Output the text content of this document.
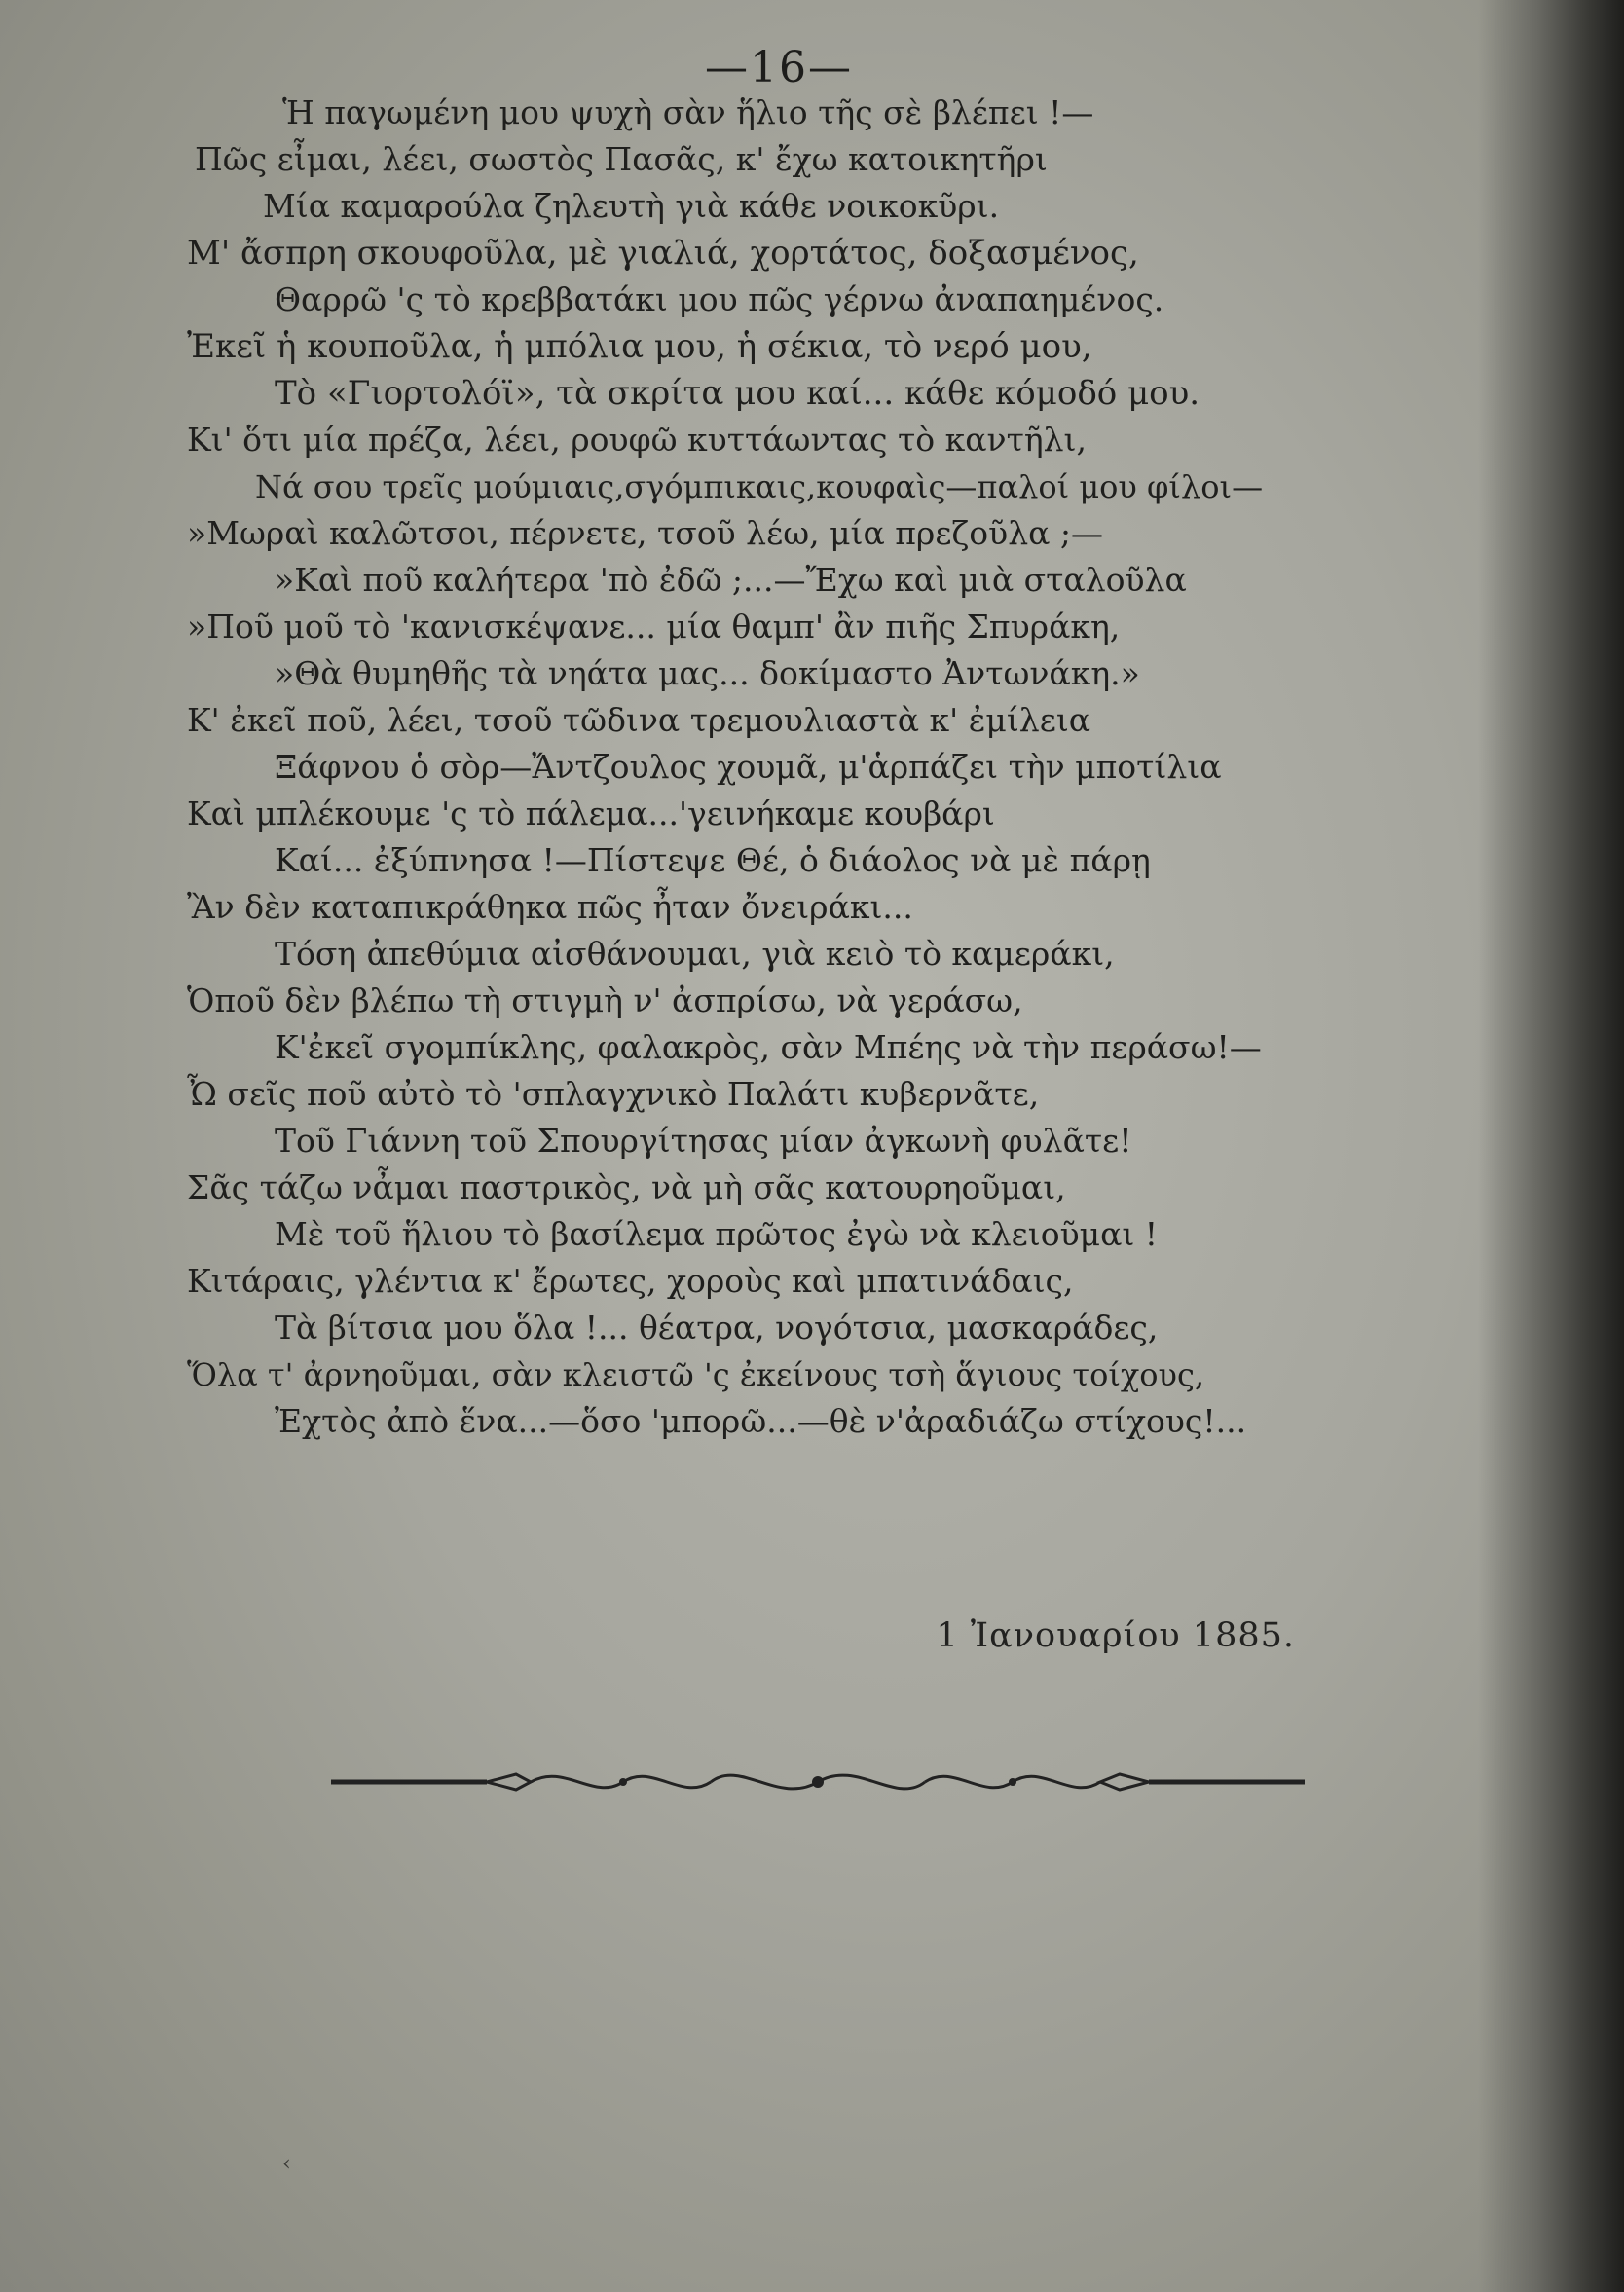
—16—
Ἡ παγωμένη μου ψυχὴ σὰν ἥλιο τῆς σὲ βλέπει !—
Πῶς εἶμαι, λέει, σωστὸς Πασᾶς, κ' ἔχω κατοικητῆρι
Μία καμαρούλα ζηλευτὴ γιὰ κάθε νοικοκῦρι.
Μ' ἄσπρη σκουφοῦλα, μὲ γιαλιά, χορτάτος, δοξασμένος,
Θαρρῶ 'ς τὸ κρεββατάκι μου πῶς γέρνω ἀναπαημένος.
Ἐκεῖ ἡ κουποῦλα, ἡ μπόλια μου, ἡ σέκια, τὸ νερό μου,
Τὸ «Γιορτολόϊ», τὰ σκρίτα μου καί... κάθε κόμοδό μου.
Κι' ὅτι μία πρέζα, λέει, ρουφῶ κυττάωντας τὸ καντῆλι,
Νά σου τρεῖς μούμιαις,σγόμπικαις,κουφαὶς—παλοί μου φίλοι—
»Μωραὶ καλῶτσοι, πέρνετε, τσοῦ λέω, μία πρεζοῦλα ;—
»Καὶ ποῦ καλήτερα 'πὸ ἐδῶ ;...—Ἔχω καὶ μιὰ σταλοῦλα
»Ποῦ μοῦ τὸ 'κανισκέψανε... μία θαμπ' ἂν πιῆς Σπυράκη,
»Θὰ θυμηθῆς τὰ νηάτα μας... δοκίμαστο Ἀντωνάκη.»
Κ' ἐκεῖ ποῦ, λέει, τσοῦ τῶδινα τρεμουλιαστὰ κ' ἐμίλεια
Ξάφνου ὁ σὸρ—Ἄντζουλος χουμᾶ, μ'ἁρπάζει τὴν μποτίλια
Καὶ μπλέκουμε 'ς τὸ πάλεμα...'γεινήκαμε κουβάρι
Καί... ἐξύπνησα !—Πίστεψε Θέ, ὁ διάολος νὰ μὲ πάρῃ
Ἂν δὲν καταπικράθηκα πῶς ἦταν ὄνειράκι...
Τόση ἀπεθύμια αἰσθάνουμαι, γιὰ κειὸ τὸ καμεράκι,
Ὁποῦ δὲν βλέπω τὴ στιγμὴ ν' ἀσπρίσω, νὰ γεράσω,
Κ'ἐκεῖ σγομπίκλης, φαλακρὸς, σὰν Μπέης νὰ τὴν περάσω!—
Ὦ σεῖς ποῦ αὐτὸ τὸ 'σπλαγχνικὸ Παλάτι κυβερνᾶτε,
Τοῦ Γιάννη τοῦ Σπουργίτησας μίαν ἀγκωνὴ φυλᾶτε!
Σᾶς τάζω νἆμαι παστρικὸς, νὰ μὴ σᾶς κατουρηοῦμαι,
Μὲ τοῦ ἥλιου τὸ βασίλεμα πρῶτος ἐγὼ νὰ κλειοῦμαι !
Κιτάραις, γλέντια κ' ἔρωτες, χοροὺς καὶ μπατινάδαις,
Τὰ βίτσια μου ὅλα !... θέατρα, νογότσια, μασκαράδες,
Ὅλα τ' ἀρνηοῦμαι, σὰν κλειστῶ 'ς ἐκείνους τσὴ ἅγιους τοίχους,
Ἐχτὸς ἀπὸ ἕνα...—ὅσο 'μπορῶ...—θὲ ν'ἀραδιάζω στίχους!...
1 Ἰανουαρίου 1885.
‹
